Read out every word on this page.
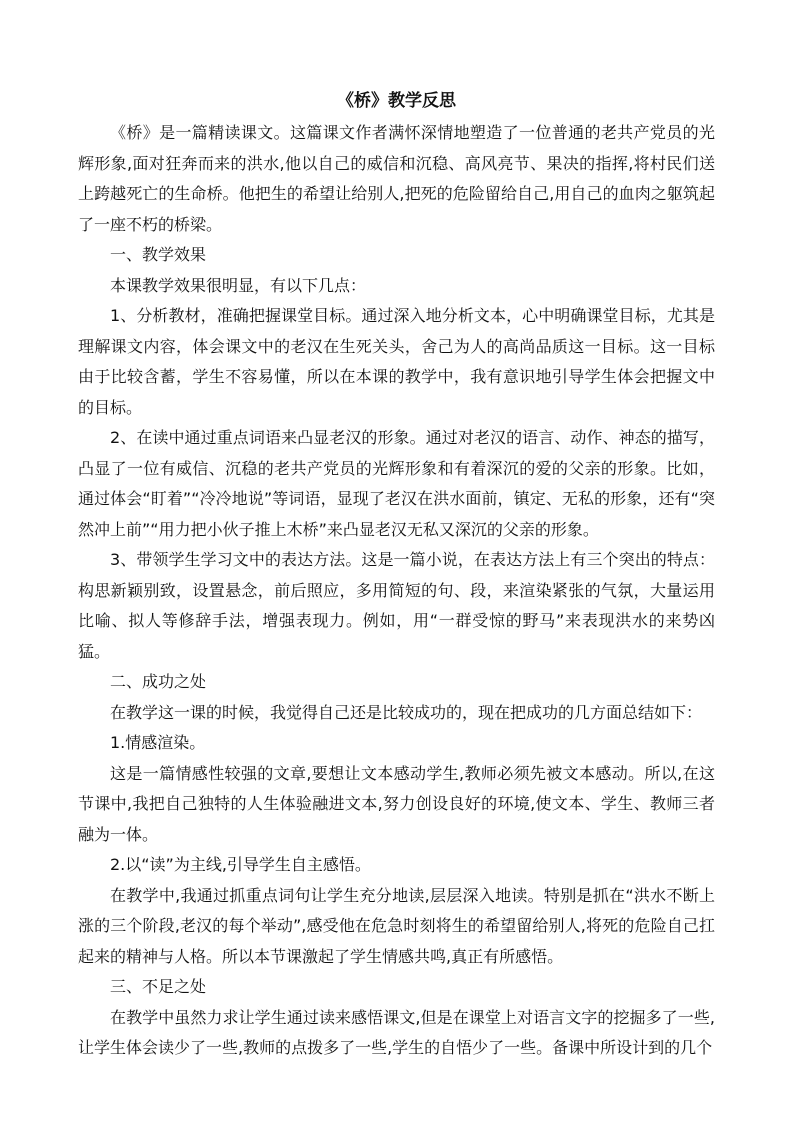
《桥》教学反思

《桥》是一篇精读课文。这篇课文作者满怀深情地塑造了一位普通的老共产党员的光辉形象,面对狂奔而来的洪水,他以自己的威信和沉稳、高风亮节、果决的指挥,将村民们送上跨越死亡的生命桥。他把生的希望让给别人,把死的危险留给自己,用自己的血肉之躯筑起了一座不朽的桥梁。

一、教学效果

本课教学效果很明显，有以下几点：

1、分析教材，准确把握课堂目标。通过深入地分析文本，心中明确课堂目标，尤其是理解课文内容，体会课文中的老汉在生死关头，舍己为人的高尚品质这一目标。这一目标由于比较含蓄，学生不容易懂，所以在本课的教学中，我有意识地引导学生体会把握文中的目标。

2、在读中通过重点词语来凸显老汉的形象。通过对老汉的语言、动作、神态的描写，凸显了一位有威信、沉稳的老共产党员的光辉形象和有着深沉的爱的父亲的形象。比如，通过体会“盯着”“冷冷地说”等词语，显现了老汉在洪水面前，镇定、无私的形象，还有“突然冲上前”“用力把小伙子推上木桥”来凸显老汉无私又深沉的父亲的形象。

3、带领学生学习文中的表达方法。这是一篇小说，在表达方法上有三个突出的特点：构思新颖别致，设置悬念，前后照应，多用简短的句、段，来渲染紧张的气氛，大量运用比喻、拟人等修辞手法，增强表现力。例如，用“一群受惊的野马”来表现洪水的来势凶猛。

二、成功之处

在教学这一课的时候，我觉得自己还是比较成功的，现在把成功的几方面总结如下：

1.情感渲染。

这是一篇情感性较强的文章,要想让文本感动学生,教师必须先被文本感动。所以,在这节课中,我把自己独特的人生体验融进文本,努力创设良好的环境,使文本、学生、教师三者融为一体。

2.以“读”为主线,引导学生自主感悟。

在教学中,我通过抓重点词句让学生充分地读,层层深入地读。特别是抓在“洪水不断上涨的三个阶段,老汉的每个举动”,感受他在危急时刻将生的希望留给别人,将死的危险自己扛起来的精神与人格。所以本节课激起了学生情感共鸣,真正有所感悟。

三、不足之处

在教学中虽然力求让学生通过读来感悟课文,但是在课堂上对语言文字的挖掘多了一些,让学生体会读少了一些,教师的点拨多了一些,学生的自悟少了一些。备课中所设计到的几个
